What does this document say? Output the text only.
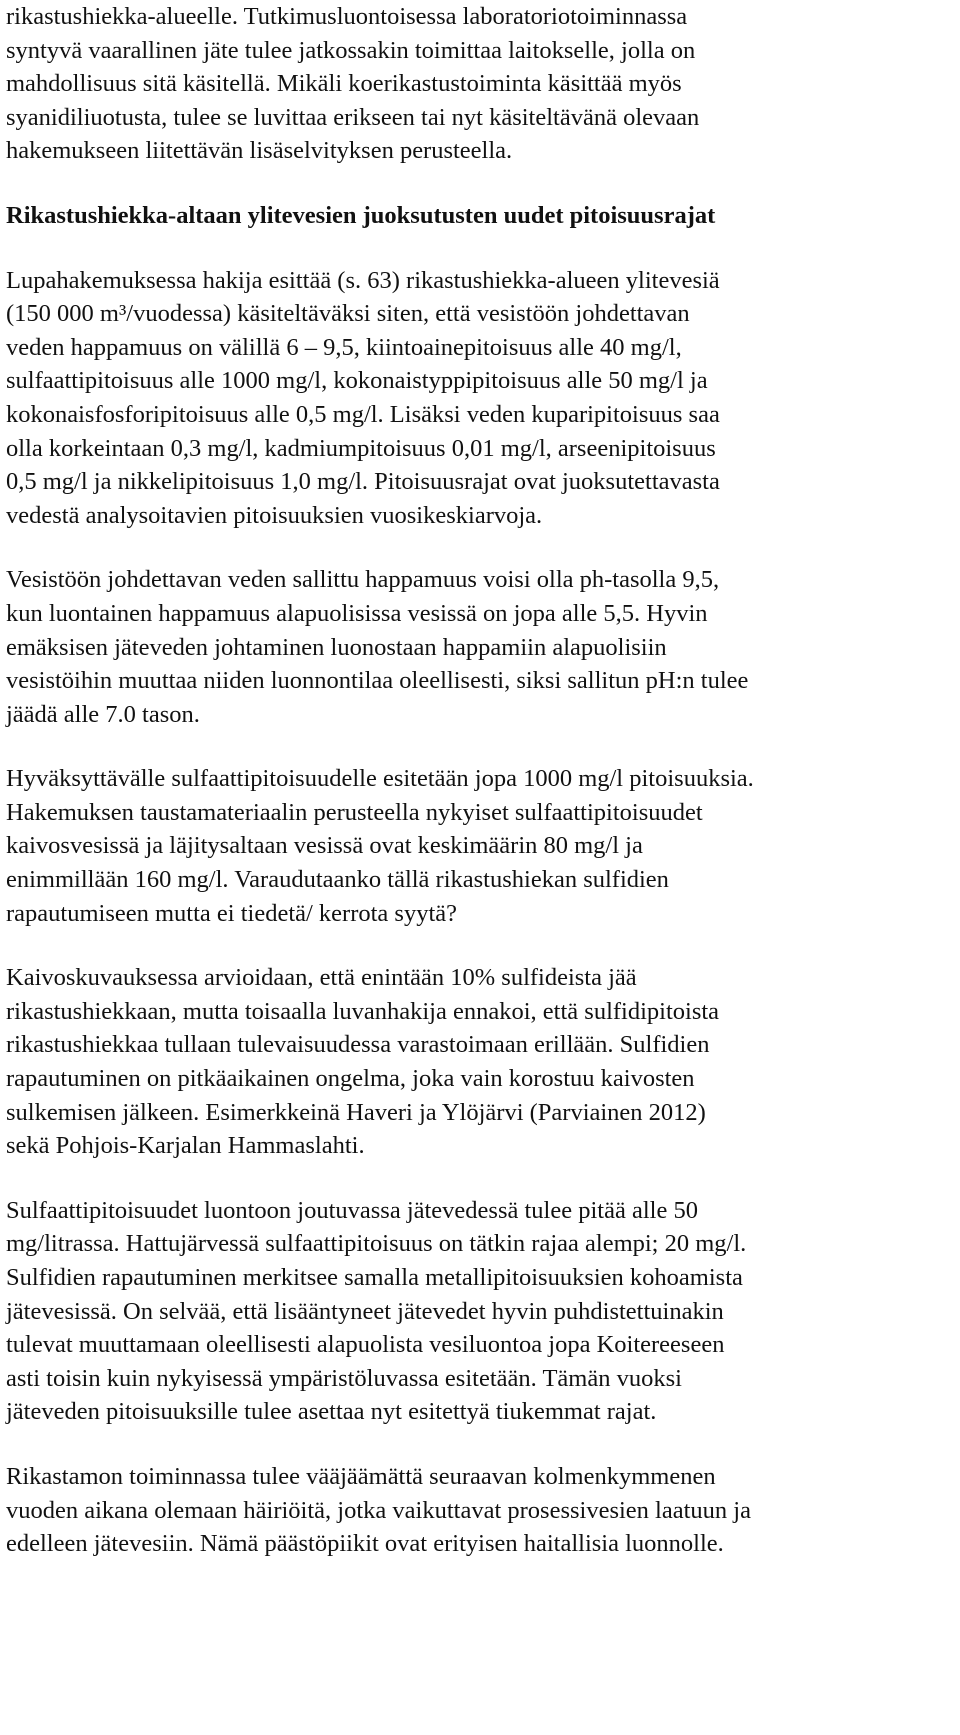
rikastushiekka-alueelle. Tutkimusluontoisessa laboratoriotoiminnassa
syntyvä vaarallinen jäte tulee jatkossakin toimittaa laitokselle, jolla on
mahdollisuus sitä käsitellä. Mikäli koerikastustoiminta käsittää myös
syanidiliuotusta, tulee se luvittaa erikseen tai nyt käsiteltävänä olevaan
hakemukseen liitettävän lisäselvityksen perusteella.
Rikastushiekka-altaan ylitevesien juoksutusten uudet pitoisuusrajat
Lupahakemuksessa hakija esittää (s. 63) rikastushiekka-alueen ylitevesiä
(150 000 m³/vuodessa) käsiteltäväksi siten, että vesistöön johdettavan
veden happamuus on välillä 6 – 9,5, kiintoainepitoisuus alle 40 mg/l,
sulfaattipitoisuus alle 1000 mg/l, kokonaistyppipitoisuus alle 50 mg/l ja
kokonaisfosforipitoisuus alle 0,5 mg/l. Lisäksi veden kuparipitoisuus saa
olla korkeintaan 0,3 mg/l, kadmiumpitoisuus 0,01 mg/l, arseenipitoisuus
0,5 mg/l ja nikkelipitoisuus 1,0 mg/l. Pitoisuusrajat ovat juoksutettavasta
vedestä analysoitavien pitoisuuksien vuosikeskiarvoja.
Vesistöön johdettavan veden sallittu happamuus voisi olla ph-tasolla 9,5,
kun luontainen happamuus alapuolisissa vesissä on jopa alle 5,5. Hyvin
emäksisen jäteveden johtaminen luonostaan happamiin alapuolisiin
vesistöihin muuttaa niiden luonnontilaa oleellisesti, siksi sallitun pH:n tulee
jäädä alle 7.0 tason.
Hyväksyttävälle sulfaattipitoisuudelle esitetään jopa 1000 mg/l pitoisuuksia.
Hakemuksen taustamateriaalin perusteella nykyiset sulfaattipitoisuudet
kaivosvesissä ja läjitysaltaan vesissä ovat keskimäärin 80 mg/l ja
enimmillään 160 mg/l. Varaudutaanko tällä rikastushiekan sulfidien
rapautumiseen mutta ei tiedetä/ kerrota syytä?
Kaivoskuvauksessa arvioidaan, että enintään 10% sulfideista jää
rikastushiekkaan, mutta toisaalla luvanhakija ennakoi, että sulfidipitoista
rikastushiekkaa tullaan tulevaisuudessa varastoimaan erillään. Sulfidien
rapautuminen on pitkäaikainen ongelma, joka vain korostuu kaivosten
sulkemisen jälkeen. Esimerkkeinä Haveri ja Ylöjärvi (Parviainen 2012)
sekä Pohjois-Karjalan Hammaslahti.
Sulfaattipitoisuudet luontoon joutuvassa jätevedessä tulee pitää alle 50
mg/litrassa. Hattujärvessä sulfaattipitoisuus on tätkin rajaa alempi; 20 mg/l.
Sulfidien rapautuminen merkitsee samalla metallipitoisuuksien kohoamista
jätevesissä. On selvää, että lisääntyneet jätevedet hyvin puhdistettuinakin
tulevat muuttamaan oleellisesti alapuolista vesiluontoa jopa Koitereeseen
asti toisin kuin nykyisessä ympäristöluvassa esitetään. Tämän vuoksi
jäteveden pitoisuuksille tulee asettaa nyt esitettyä tiukemmat rajat.
Rikastamon toiminnassa tulee vääjäämättä seuraavan kolmenkymmenen
vuoden aikana olemaan häiriöitä, jotka vaikuttavat prosessivesien laatuun ja
edelleen jätevesiin. Nämä päästöpiikit ovat erityisen haitallisia luonnolle.
